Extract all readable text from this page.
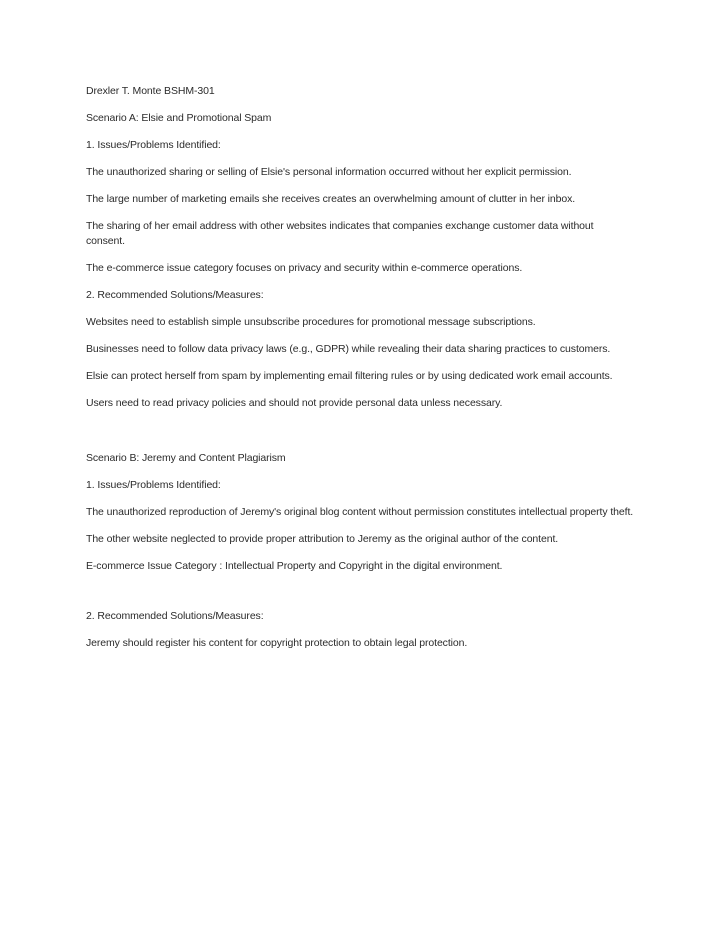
Drexler T. Monte BSHM-301

Scenario A: Elsie and Promotional Spam

1. Issues/Problems Identified:

The unauthorized sharing or selling of Elsie's personal information occurred without her explicit permission.

The large number of marketing emails she receives creates an overwhelming amount of clutter in her inbox.

The sharing of her email address with other websites indicates that companies exchange customer data without consent.

The e-commerce issue category focuses on privacy and security within e-commerce operations.

2. Recommended Solutions/Measures:

Websites need to establish simple unsubscribe procedures for promotional message subscriptions.

Businesses need to follow data privacy laws (e.g., GDPR) while revealing their data sharing practices to customers.

Elsie can protect herself from spam by implementing email filtering rules or by using dedicated work email accounts.

Users need to read privacy policies and should not provide personal data unless necessary.

Scenario B: Jeremy and Content Plagiarism

1. Issues/Problems Identified:

The unauthorized reproduction of Jeremy's original blog content without permission constitutes intellectual property theft.

The other website neglected to provide proper attribution to Jeremy as the original author of the content.

E-commerce Issue Category : Intellectual Property and Copyright in the digital environment.

2. Recommended Solutions/Measures:

Jeremy should register his content for copyright protection to obtain legal protection.
